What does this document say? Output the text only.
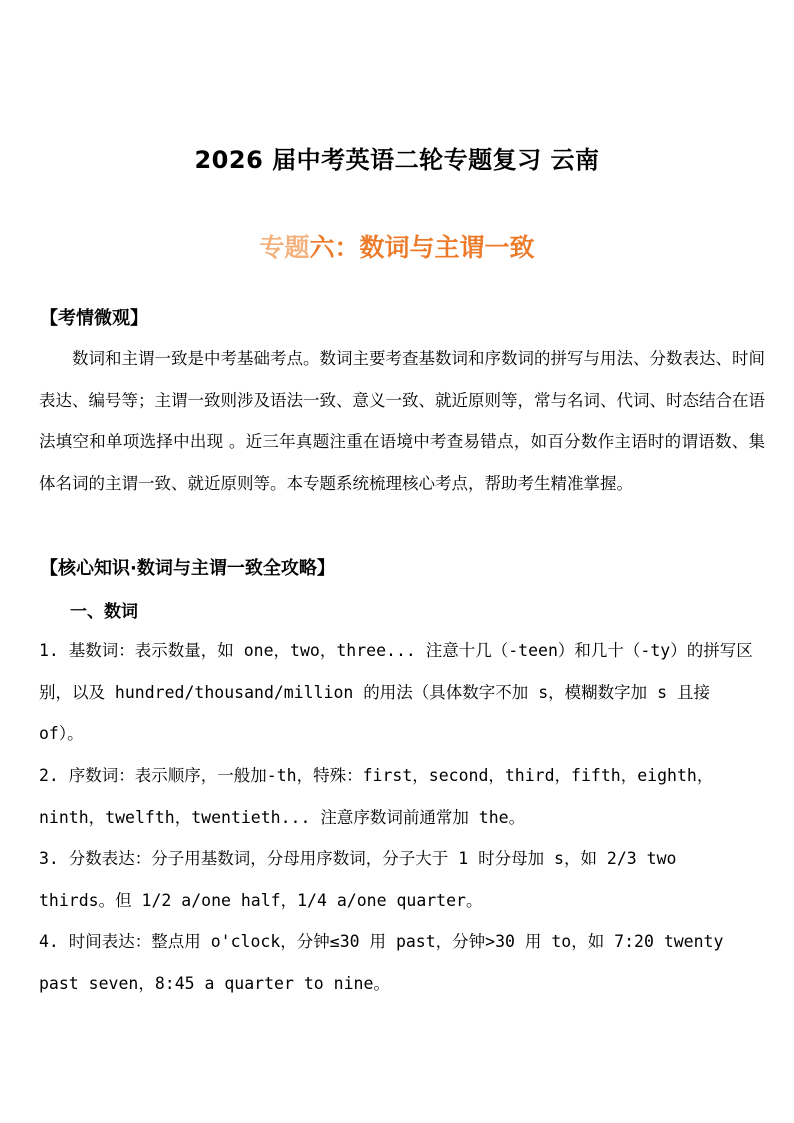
2026 届中考英语二轮专题复习 云南
专题六：数词与主谓一致
【考情微观】
数词和主谓一致是中考基础考点。数词主要考查基数词和序数词的拼写与用法、分数表达、时间表达、编号等；主谓一致则涉及语法一致、意义一致、就近原则等，常与名词、代词、时态结合在语法填空和单项选择中出现 。近三年真题注重在语境中考查易错点，如百分数作主语时的谓语数、集体名词的主谓一致、就近原则等。本专题系统梳理核心考点，帮助考生精准掌握。
【核心知识·数词与主谓一致全攻略】
一、数词
1. 基数词：表示数量，如 one，two，three... 注意十几（-teen）和几十（-ty）的拼写区别，以及 hundred/thousand/million 的用法（具体数字不加 s，模糊数字加 s 且接 of）。
2. 序数词：表示顺序，一般加-th，特殊：first，second，third，fifth，eighth，ninth，twelfth，twentieth... 注意序数词前通常加 the。
3. 分数表达：分子用基数词，分母用序数词，分子大于 1 时分母加 s，如 2/3 two thirds。但 1/2 a/one half，1/4 a/one quarter。
4. 时间表达：整点用 o'clock，分钟≤30 用 past，分钟>30 用 to，如 7:20 twenty past seven，8:45 a quarter to nine。
